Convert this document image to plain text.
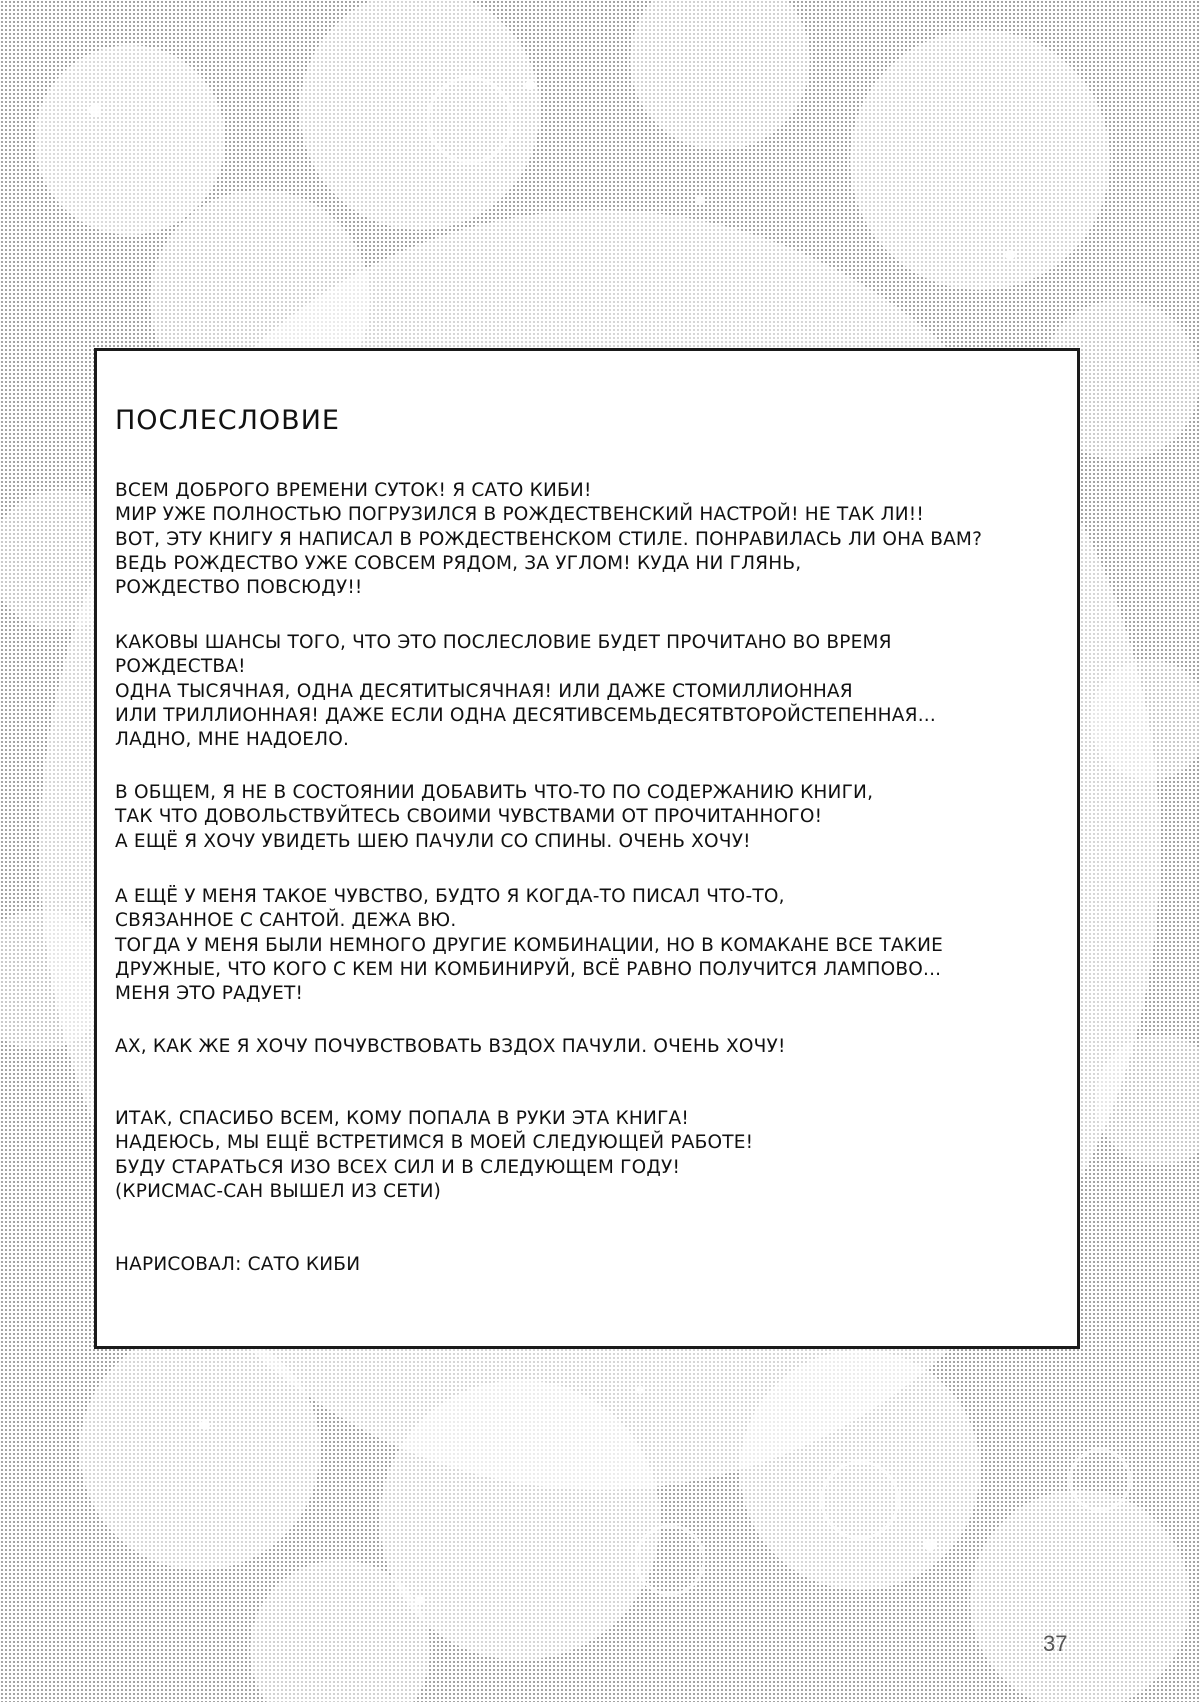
ПОСЛЕСЛОВИЕ
ВСЕМ ДОБРОГО ВРЕМЕНИ СУТОК! Я САТО КИБИ!
МИР УЖЕ ПОЛНОСТЬЮ ПОГРУЗИЛСЯ В РОЖДЕСТВЕНСКИЙ НАСТРОЙ! НЕ ТАК ЛИ!!
ВОТ, ЭТУ КНИГУ Я НАПИСАЛ В РОЖДЕСТВЕНСКОМ СТИЛЕ. ПОНРАВИЛАСЬ ЛИ ОНА ВАМ?
ВЕДЬ РОЖДЕСТВО УЖЕ СОВСЕМ РЯДОМ, ЗА УГЛОМ! КУДА НИ ГЛЯНЬ,
РОЖДЕСТВО ПОВСЮДУ!!
КАКОВЫ ШАНСЫ ТОГО, ЧТО ЭТО ПОСЛЕСЛОВИЕ БУДЕТ ПРОЧИТАНО ВО ВРЕМЯ
РОЖДЕСТВА!
ОДНА ТЫСЯЧНАЯ, ОДНА ДЕСЯТИТЫСЯЧНАЯ! ИЛИ ДАЖЕ СТОМИЛЛИОННАЯ
ИЛИ ТРИЛЛИОННАЯ! ДАЖЕ ЕСЛИ ОДНА ДЕСЯТИВСЕМЬДЕСЯТВТОРОЙСТЕПЕННАЯ...
ЛАДНО, МНЕ НАДОЕЛО.
В ОБЩЕМ, Я НЕ В СОСТОЯНИИ ДОБАВИТЬ ЧТО-ТО ПО СОДЕРЖАНИЮ КНИГИ,
ТАК ЧТО ДОВОЛЬСТВУЙТЕСЬ СВОИМИ ЧУВСТВАМИ ОТ ПРОЧИТАННОГО!
А ЕЩЁ Я ХОЧУ УВИДЕТЬ ШЕЮ ПАЧУЛИ СО СПИНЫ. ОЧЕНЬ ХОЧУ!
А ЕЩЁ У МЕНЯ ТАКОЕ ЧУВСТВО, БУДТО Я КОГДА-ТО ПИСАЛ ЧТО-ТО,
СВЯЗАННОЕ С САНТОЙ. ДЕЖА ВЮ.
ТОГДА У МЕНЯ БЫЛИ НЕМНОГО ДРУГИЕ КОМБИНАЦИИ, НО В КОМАКАНЕ ВСЕ ТАКИЕ
ДРУЖНЫЕ, ЧТО КОГО С КЕМ НИ КОМБИНИРУЙ, ВСЁ РАВНО ПОЛУЧИТСЯ ЛАМПОВО...
МЕНЯ ЭТО РАДУЕТ!
АХ, КАК ЖЕ Я ХОЧУ ПОЧУВСТВОВАТЬ ВЗДОХ ПАЧУЛИ. ОЧЕНЬ ХОЧУ!
ИТАК, СПАСИБО ВСЕМ, КОМУ ПОПАЛА В РУКИ ЭТА КНИГА!
НАДЕЮСЬ, МЫ ЕЩЁ ВСТРЕТИМСЯ В МОЕЙ СЛЕДУЮЩЕЙ РАБОТЕ!
БУДУ СТАРАТЬСЯ ИЗО ВСЕХ СИЛ И В СЛЕДУЮЩЕМ ГОДУ!
(КРИСМАС-САН ВЫШЕЛ ИЗ СЕТИ)
НАРИСОВАЛ: САТО КИБИ
37
